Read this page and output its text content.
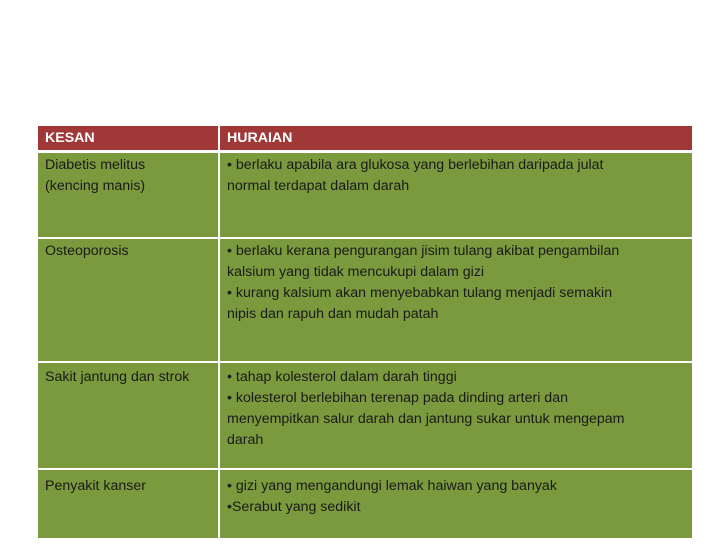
KESAN	HURAIAN

Diabetis melitus
(kencing manis)	• berlaku apabila ara glukosa yang berlebihan daripada julat
normal terdapat dalam darah

Osteoporosis	• berlaku kerana pengurangan jisim tulang akibat pengambilan
kalsium yang tidak mencukupi dalam gizi
• kurang kalsium akan menyebabkan tulang menjadi semakin
nipis dan rapuh dan mudah patah

Sakit jantung dan strok	• tahap kolesterol dalam darah tinggi
• kolesterol berlebihan terenap pada dinding arteri dan
menyempitkan salur darah dan jantung sukar untuk mengepam
darah

Penyakit kanser	• gizi yang mengandungi lemak haiwan yang banyak
•Serabut yang sedikit
